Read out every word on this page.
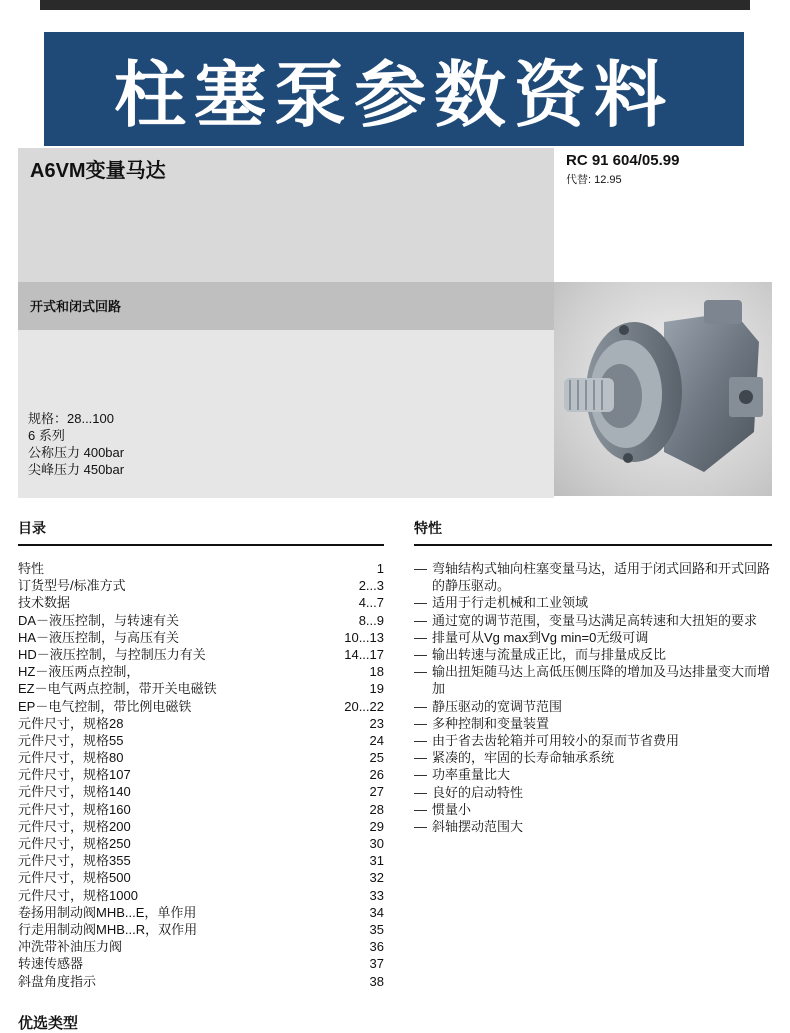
柱塞泵参数资料
A6VM变量马达
开式和闭式回路
规格：28...100
6 系列
公称压力 400bar
尖峰压力 450bar
RC 91 604/05.99
代替: 12.95
目录
特性	1
订货型号/标准方式	2...3
技术数据	4...7
DA－液压控制，与转速有关	8...9
HA－液压控制，与高压有关	10...13
HD－液压控制，与控制压力有关	14...17
HZ－液压两点控制，	18
EZ－电气两点控制，带开关电磁铁	19
EP－电气控制，带比例电磁铁	20...22
元件尺寸，规格28	23
元件尺寸，规格55	24
元件尺寸，规格80	25
元件尺寸，规格107	26
元件尺寸，规格140	27
元件尺寸，规格160	28
元件尺寸，规格200	29
元件尺寸，规格250	30
元件尺寸，规格355	31
元件尺寸，规格500	32
元件尺寸，规格1000	33
卷扬用制动阀MHB...E，单作用	34
行走用制动阀MHB...R，双作用	35
冲洗带补油压力阀	36
转速传感器	37
斜盘角度指示	38
特性
— 弯轴结构式轴向柱塞变量马达，适用于闭式回路和开式回路的静压驱动。
— 适用于行走机械和工业领域
— 通过宽的调节范围，变量马达满足高转速和大扭矩的要求
— 排量可从Vg max到Vg min=0无级可调
— 输出转速与流量成正比，而与排量成反比
— 输出扭矩随马达上高低压侧压降的增加及马达排量变大而增加
— 静压驱动的宽调节范围
— 多种控制和变量装置
— 由于省去齿轮箱并可用较小的泵而节省费用
— 紧凑的，牢固的长寿命轴承系统
— 功率重量比大
— 良好的启动特性
— 惯量小
— 斜轴摆动范围大
优选类型
